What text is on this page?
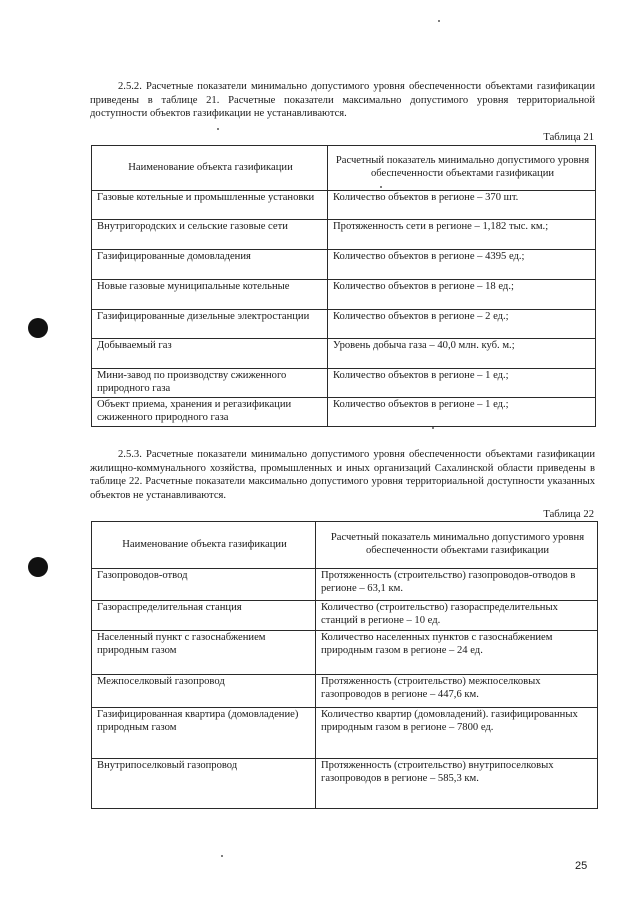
2.5.2. Расчетные показатели минимально допустимого уровня обеспеченности объектами газификации приведены в таблице 21. Расчетные показатели максимально допустимого уровня территориальной доступности объектов газификации не устанавливаются.

Таблица 21
Наименование объекта газификации	Расчетный показатель минимально допустимого уровня обеспеченности объектами газификации
Газовые котельные и промышленные установки	Количество объектов в регионе – 370 шт.
Внутригородских и сельские газовые сети	Протяженность сети в регионе – 1,182 тыс. км.;
Газифицированные домовладения	Количество объектов в регионе – 4395 ед.;
Новые газовые муниципальные котельные	Количество объектов в регионе – 18 ед.;
Газифицированные дизельные электростанции	Количество объектов в регионе – 2 ед.;
Добываемый газ	Уровень добыча газа – 40,0 млн. куб. м.;
Мини-завод по производству сжиженного природного газа	Количество объектов в регионе – 1 ед.;
Объект приема, хранения и регазификации сжиженного природного газа	Количество объектов в регионе – 1 ед.;

2.5.3. Расчетные показатели минимально допустимого уровня обеспеченности объектами газификации жилищно-коммунального хозяйства, промышленных и иных организаций Сахалинской области приведены в таблице 22. Расчетные показатели максимально допустимого уровня территориальной доступности указанных объектов не устанавливаются.

Таблица 22
Наименование объекта газификации	Расчетный показатель минимально допустимого уровня обеспеченности объектами газификации
Газопроводов-отвод	Протяженность (строительство) газопроводов-отводов в регионе – 63,1 км.
Газораспределительная станция	Количество (строительство) газораспределительных станций в регионе – 10 ед.
Населенный пункт с газоснабжением природным газом	Количество населенных пунктов с газоснабжением природным газом в регионе – 24 ед.
Межпоселковый газопровод	Протяженность (строительство) межпоселковых газопроводов в регионе – 447,6 км.
Газифицированная квартира (домовладение) природным газом	Количество квартир (домовладений). газифицированных природным газом в регионе – 7800 ед.
Внутрипоселковый газопровод	Протяженность (строительство) внутрипоселковых газопроводов в регионе – 585,3 км.
25
